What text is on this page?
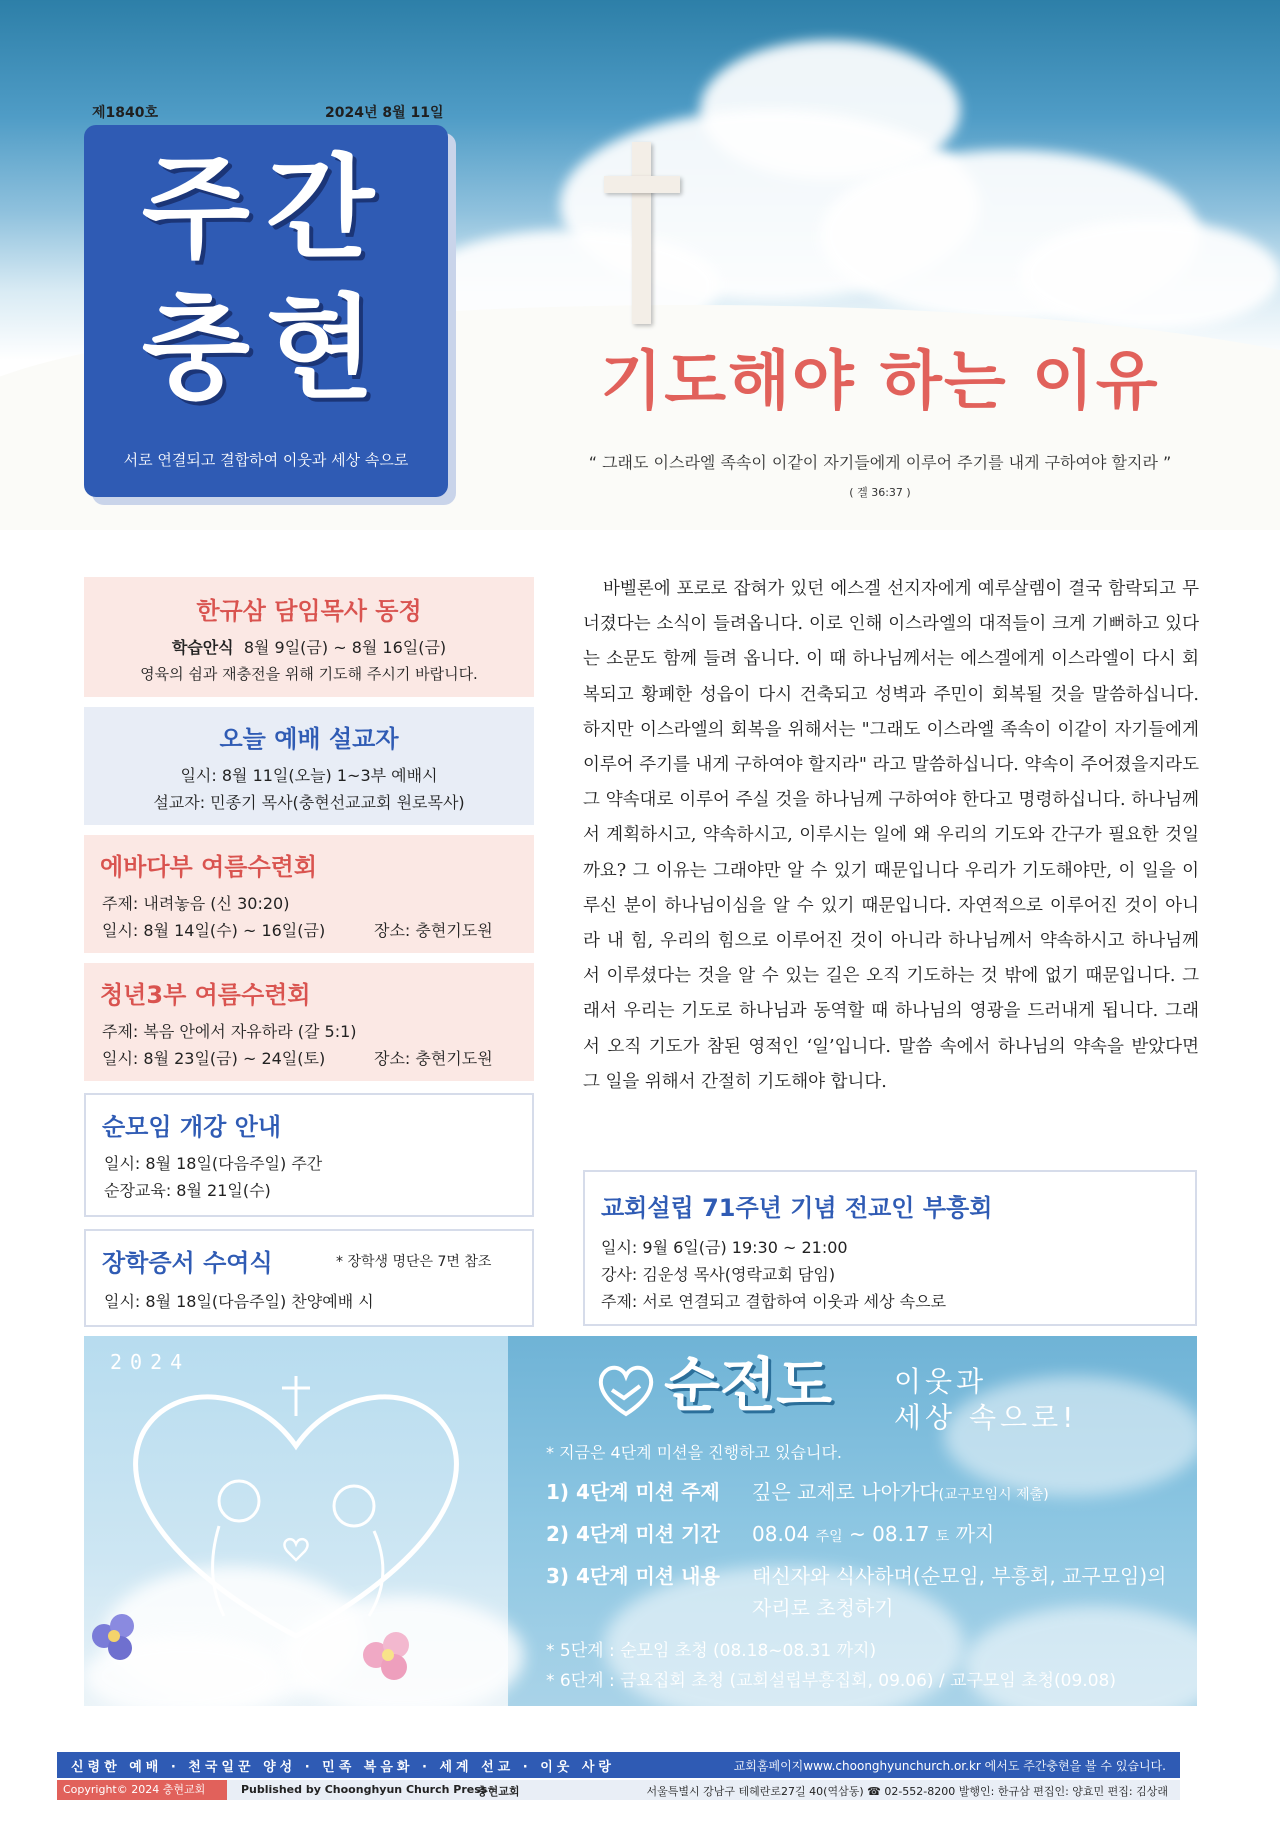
제1840호	2024년 8월 11일
주간
충현
서로 연결되고 결합하여 이웃과 세상 속으로
기도해야 하는 이유
“ 그래도 이스라엘 족속이 이같이 자기들에게 이루어 주기를 내게 구하여야 할지라 ”
( 겔 36:37 )
한규삼 담임목사 동정
학습안식 8월 9일(금) ~ 8월 16일(금)
영육의 쉼과 재충전을 위해 기도해 주시기 바랍니다.
오늘 예배 설교자
일시: 8월 11일(오늘) 1~3부 예배시
설교자: 민종기 목사(충현선교교회 원로목사)
에바다부 여름수련회
주제: 내려놓음 (신 30:20)
일시: 8월 14일(수) ~ 16일(금)	장소: 충현기도원
청년3부 여름수련회
주제: 복음 안에서 자유하라 (갈 5:1)
일시: 8월 23일(금) ~ 24일(토)	장소: 충현기도원
순모임 개강 안내
일시: 8월 18일(다음주일) 주간
순장교육: 8월 21일(수)
장학증서 수여식	* 장학생 명단은 7면 참조
일시: 8월 18일(다음주일) 찬양예배 시

바벨론에 포로로 잡혀가 있던 에스겔 선지자에게 예루살렘이 결국 함락되고 무너졌다는 소식이 들려옵니다. 이로 인해 이스라엘의 대적들이 크게 기뻐하고 있다는 소문도 함께 들려 옵니다. 이 때 하나님께서는 에스겔에게 이스라엘이 다시 회복되고 황폐한 성읍이 다시 건축되고 성벽과 주민이 회복될 것을 말씀하십니다. 하지만 이스라엘의 회복을 위해서는 "그래도 이스라엘 족속이 이같이 자기들에게 이루어 주기를 내게 구하여야 할지라" 라고 말씀하십니다. 약속이 주어졌을지라도 그 약속대로 이루어 주실 것을 하나님께 구하여야 한다고 명령하십니다. 하나님께서 계획하시고, 약속하시고, 이루시는 일에 왜 우리의 기도와 간구가 필요한 것일까요? 그 이유는 그래야만 알 수 있기 때문입니다 우리가 기도해야만, 이 일을 이루신 분이 하나님이심을 알 수 있기 때문입니다. 자연적으로 이루어진 것이 아니라 내 힘, 우리의 힘으로 이루어진 것이 아니라 하나님께서 약속하시고 하나님께서 이루셨다는 것을 알 수 있는 길은 오직 기도하는 것 밖에 없기 때문입니다. 그래서 우리는 기도로 하나님과 동역할 때 하나님의 영광을 드러내게 됩니다. 그래서 오직 기도가 참된 영적인 ‘일’입니다. 말씀 속에서 하나님의 약속을 받았다면 그 일을 위해서 간절히 기도해야 합니다.

교회설립 71주년 기념 전교인 부흥회
일시: 9월 6일(금) 19:30 ~ 21:00
강사: 김운성 목사(영락교회 담임)
주제: 서로 연결되고 결합하여 이웃과 세상 속으로
2024	순전도 이웃과
세상 속으로!
* 지금은 4단계 미션을 진행하고 있습니다.
1) 4단계 미션 주제 깊은 교제로 나아가다(교구모임시 제출)
2) 4단계 미션 기간 08.04 주일 ~ 08.17 토 까지
3) 4단계 미션 내용 태신자와 식사하며(순모임, 부흥회, 교구모임)의
자리로 초청하기
* 5단계 : 순모임 초청 (08.18~08.31 까지)
* 6단계 : 금요집회 초청 (교회설립부흥집회, 09.06) / 교구모임 초청(09.08)
신령한 예배 · 천국일꾼 양성 · 민족 복음화 · 세계 선교 · 이웃 사랑	교회홈페이지www.choonghyunchurch.or.kr 에서도 주간충현을 볼 수 있습니다.
Copyright© 2024 충현교회	Published by Choonghyun Church Press
충현교회	서울특별시 강남구 테헤란로27길 40(역삼동) ☎ 02-552-8200 발행인: 한규삼 편집인: 양효민 편집: 김상래
